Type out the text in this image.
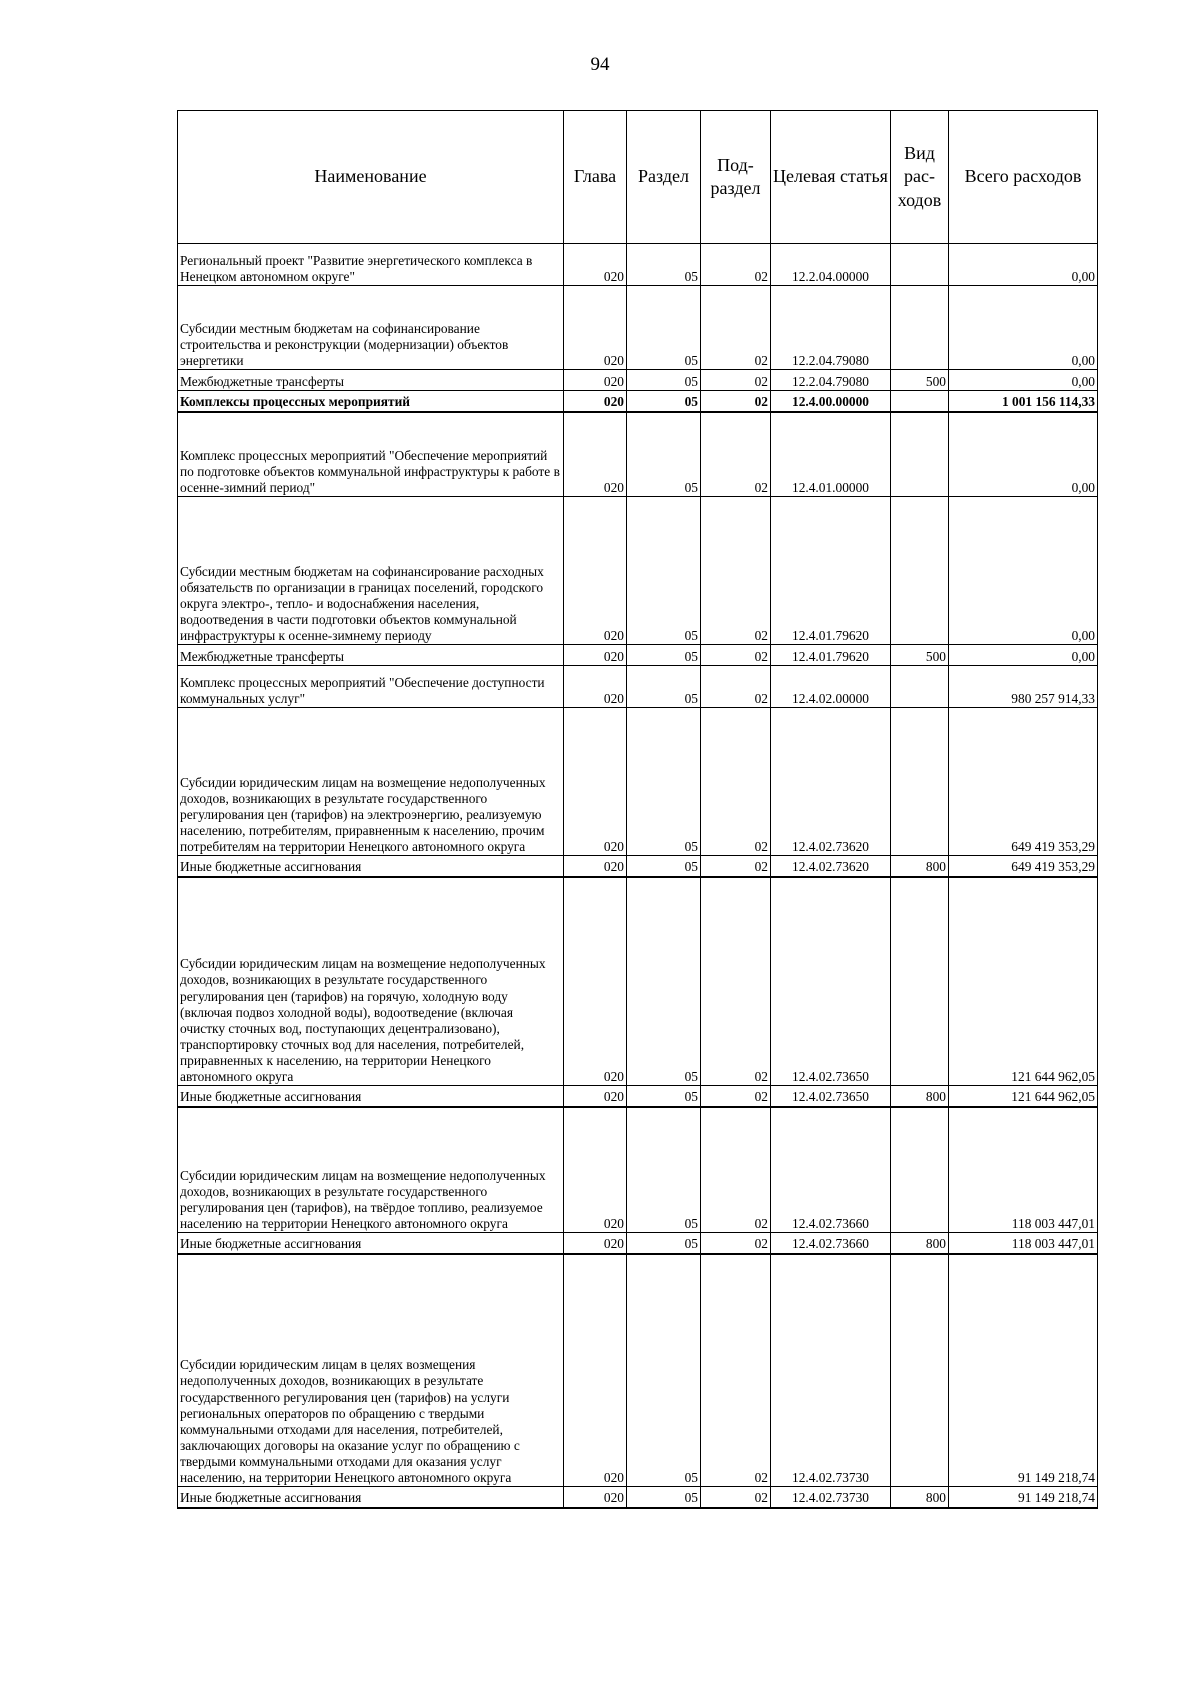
94
Наименование	Глава	Раздел	Под-раздел	Целевая статья	Вид рас-ходов	Всего расходов
Региональный проект "Развитие энергетического комплекса в Ненецком автономном округе"	020	05	02	12.2.04.00000		0,00
Субсидии местным бюджетам на софинансирование строительства и реконструкции (модернизации) объектов энергетики	020	05	02	12.2.04.79080		0,00
Межбюджетные трансферты	020	05	02	12.2.04.79080	500	0,00
Комплексы процессных мероприятий	020	05	02	12.4.00.00000		1 001 156 114,33
Комплекс процессных мероприятий "Обеспечение мероприятий по подготовке объектов коммунальной инфраструктуры к работе в осенне-зимний период"	020	05	02	12.4.01.00000		0,00
Субсидии местным бюджетам на софинансирование расходных обязательств по организации в границах поселений, городского округа электро-, тепло- и водоснабжения населения, водоотведения в части подготовки объектов коммунальной инфраструктуры к осенне-зимнему периоду	020	05	02	12.4.01.79620		0,00
Межбюджетные трансферты	020	05	02	12.4.01.79620	500	0,00
Комплекс процессных мероприятий "Обеспечение доступности коммунальных услуг"	020	05	02	12.4.02.00000		980 257 914,33
Субсидии юридическим лицам на возмещение недополученных доходов, возникающих в результате государственного регулирования цен (тарифов) на электроэнергию, реализуемую населению, потребителям, приравненным к населению, прочим потребителям на территории Ненецкого автономного округа	020	05	02	12.4.02.73620		649 419 353,29
Иные бюджетные ассигнования	020	05	02	12.4.02.73620	800	649 419 353,29
Субсидии юридическим лицам на возмещение недополученных доходов, возникающих в результате государственного регулирования цен (тарифов) на горячую, холодную воду (включая подвоз холодной воды), водоотведение (включая очистку сточных вод, поступающих децентрализовано), транспортировку сточных вод для населения, потребителей, приравненных к населению, на территории Ненецкого автономного округа	020	05	02	12.4.02.73650		121 644 962,05
Иные бюджетные ассигнования	020	05	02	12.4.02.73650	800	121 644 962,05
Субсидии юридическим лицам на возмещение недополученных доходов, возникающих в результате государственного регулирования цен (тарифов), на твёрдое топливо, реализуемое населению на территории Ненецкого автономного округа	020	05	02	12.4.02.73660		118 003 447,01
Иные бюджетные ассигнования	020	05	02	12.4.02.73660	800	118 003 447,01
Субсидии юридическим лицам в целях возмещения недополученных доходов, возникающих в результате государственного регулирования цен (тарифов) на услуги региональных операторов по обращению с твердыми коммунальными отходами для населения, потребителей, заключающих договоры на оказание услуг по обращению с твердыми коммунальными отходами для оказания услуг населению, на территории Ненецкого автономного округа	020	05	02	12.4.02.73730		91 149 218,74
Иные бюджетные ассигнования	020	05	02	12.4.02.73730	800	91 149 218,74
